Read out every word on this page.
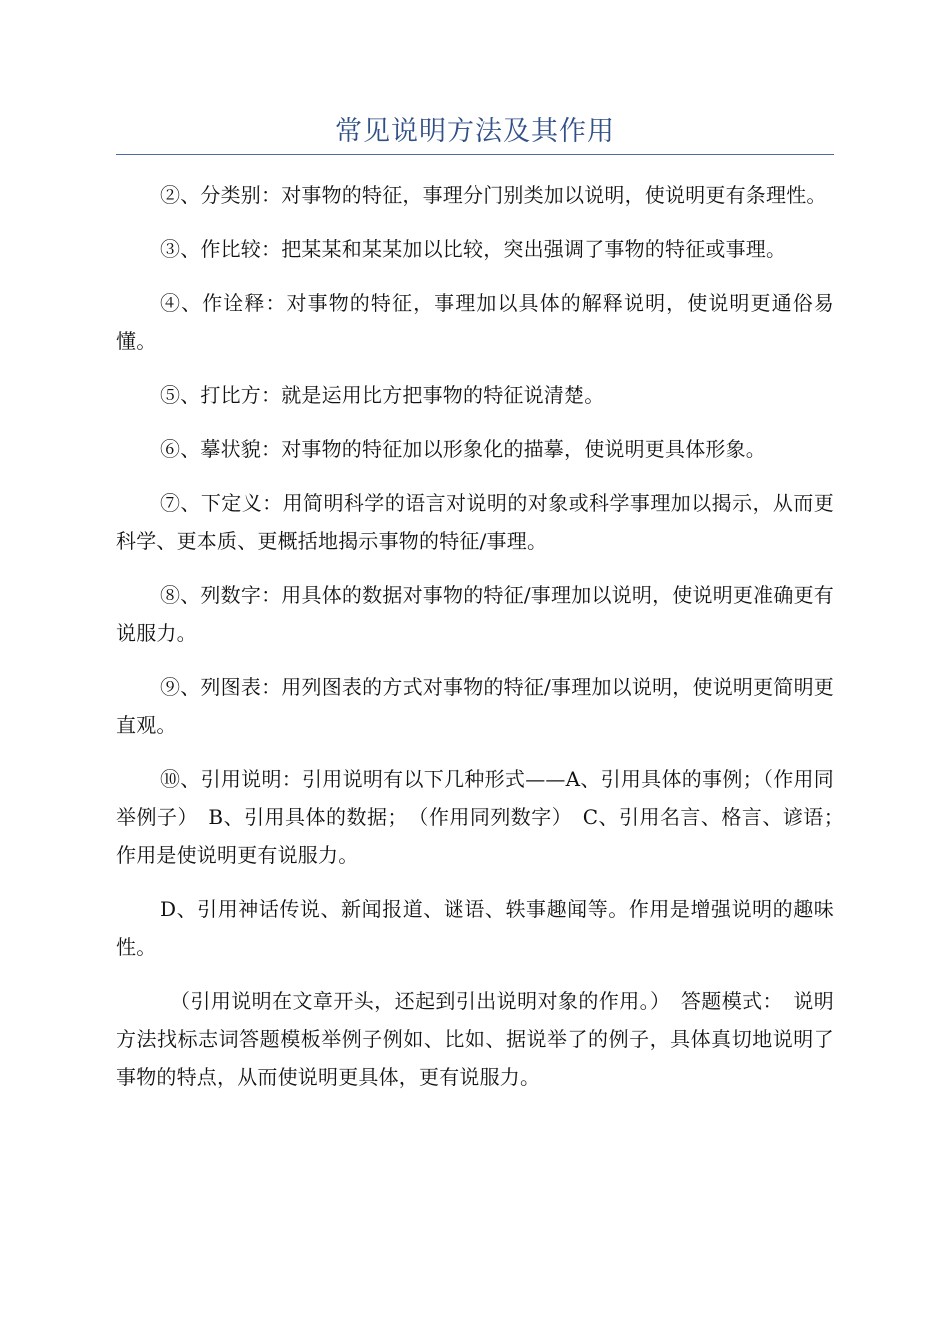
常见说明方法及其作用

②、分类别：对事物的特征，事理分门别类加以说明，使说明更有条理性。

③、作比较：把某某和某某加以比较，突出强调了事物的特征或事理。

④、作诠释：对事物的特征，事理加以具体的解释说明，使说明更通俗易懂。

⑤、打比方：就是运用比方把事物的特征说清楚。

⑥、摹状貌：对事物的特征加以形象化的描摹，使说明更具体形象。

⑦、下定义：用简明科学的语言对说明的对象或科学事理加以揭示，从而更科学、更本质、更概括地揭示事物的特征/事理。

⑧、列数字：用具体的数据对事物的特征/事理加以说明，使说明更准确更有说服力。

⑨、列图表：用列图表的方式对事物的特征/事理加以说明，使说明更简明更直观。

⑩、引用说明：引用说明有以下几种形式——A、引用具体的事例；（作用同举例子）　B、引用具体的数据；　（作用同列数字）　C、引用名言、格言、谚语；　作用是使说明更有说服力。

D、引用神话传说、新闻报道、谜语、轶事趣闻等。作用是增强说明的趣味性。

（引用说明在文章开头，还起到引出说明对象的作用。）　答题模式：　说明方法找标志词答题模板举例子例如、比如、据说举了的例子，具体真切地说明了事物的特点，从而使说明更具体，更有说服力。
